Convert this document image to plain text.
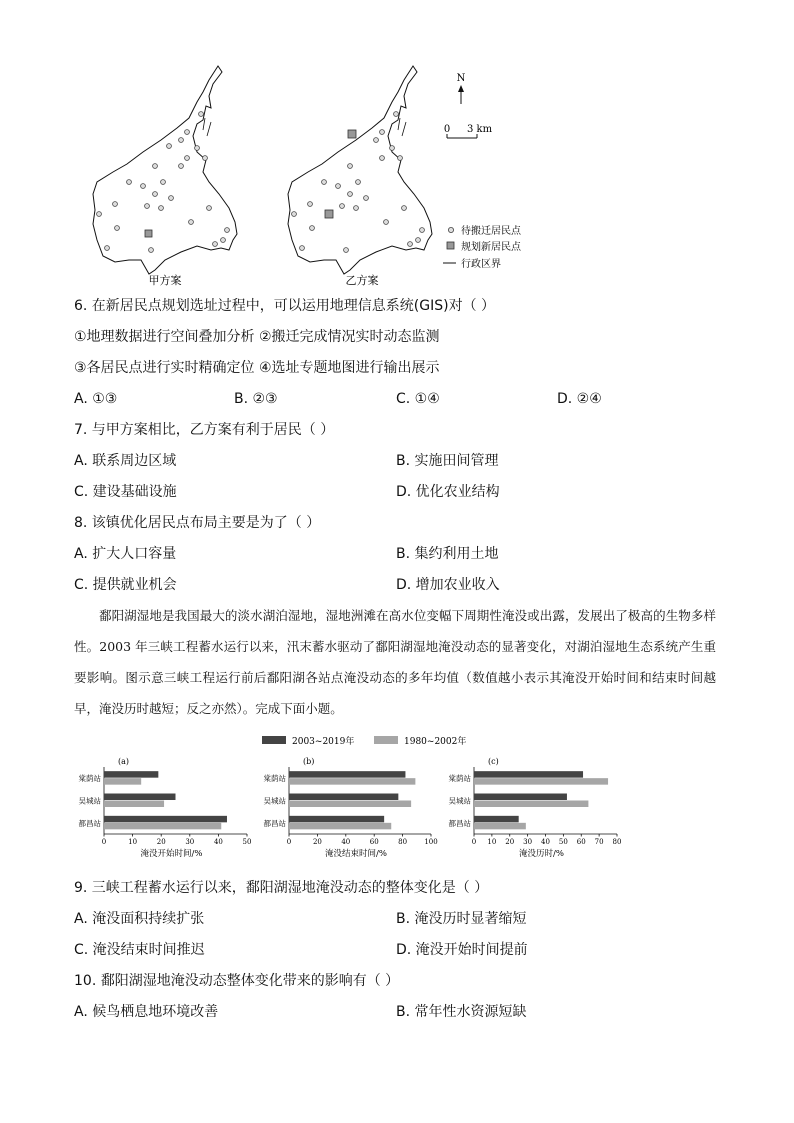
N
0 3 km
待搬迁居民点
规划新居民点
行政区界
甲方案	乙方案
6. 在新居民点规划选址过程中，可以运用地理信息系统(GIS)对（ ）
①地理数据进行空间叠加分析 ②搬迁完成情况实时动态监测
③各居民点进行实时精确定位 ④选址专题地图进行输出展示
A. ①③	B. ②③	C. ①④	D. ②④
7. 与甲方案相比，乙方案有利于居民（ ）
A. 联系周边区域	B. 实施田间管理
C. 建设基础设施	D. 优化农业结构
8. 该镇优化居民点布局主要是为了（ ）
A. 扩大人口容量	B. 集约利用土地
C. 提供就业机会	D. 增加农业收入
鄱阳湖湿地是我国最大的淡水湖泊湿地，湿地洲滩在高水位变幅下周期性淹没或出露，发展出了极高的生物多样性。2003 年三峡工程蓄水运行以来，汛末蓄水驱动了鄱阳湖湿地淹没动态的显著变化，对湖泊湿地生态系统产生重要影响。图示意三峡工程运行前后鄱阳湖各站点淹没动态的多年均值（数值越小表示其淹没开始时间和结束时间越早，淹没历时越短；反之亦然）。完成下面小题。
2003~2019年	1980~2002年
(a)
0	10	20	30	40	50
淹没开始时间/%
棠荫站
吴城站
都昌站
(b)
0	20	40	60	80 100
淹没结束时间/%
棠荫站
吴城站
都昌站
(c)
0 10 20 30 40 50 60 70 80
淹没历时/%
棠荫站
吴城站
都昌站
9. 三峡工程蓄水运行以来，鄱阳湖湿地淹没动态的整体变化是（ ）
A. 淹没面积持续扩张	B. 淹没历时显著缩短
C. 淹没结束时间推迟	D. 淹没开始时间提前
10. 鄱阳湖湿地淹没动态整体变化带来的影响有（ ）
A. 候鸟栖息地环境改善	B. 常年性水资源短缺
